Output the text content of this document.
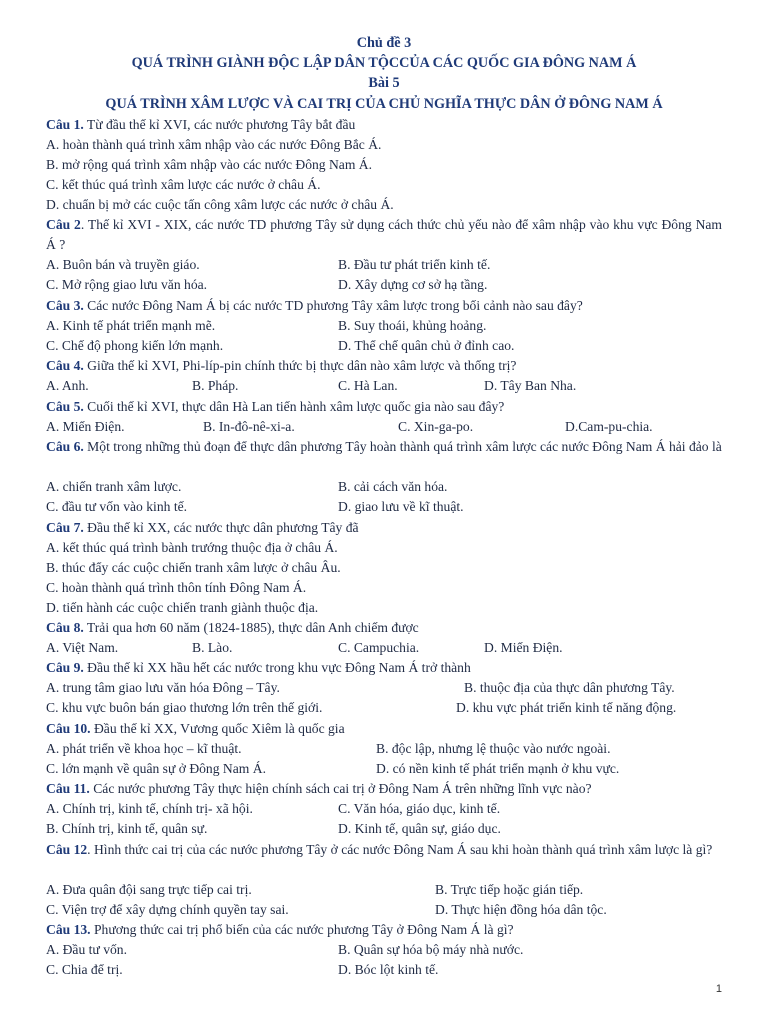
Chủ đề 3
QUÁ TRÌNH GIÀNH ĐỘC LẬP DÂN TỘCCỦA CÁC QUỐC GIA ĐÔNG NAM Á
Bài 5
QUÁ TRÌNH XÂM LƯỢC VÀ CAI TRỊ CỦA CHỦ NGHĨA THỰC DÂN Ở ĐÔNG NAM Á
Câu 1. Từ đầu thế kỉ XVI, các nước phương Tây bắt đầu
A. hoàn thành quá trình xâm nhập vào các nước Đông Bắc Á.
B. mở rộng quá trình xâm nhập vào các nước Đông Nam Á.
C. kết thúc quá trình xâm lược các nước ở châu Á.
D. chuẩn bị mở các cuộc tấn công xâm lược các nước ở châu Á.
Câu 2. Thế kỉ XVI - XIX, các nước TD phương Tây sử dụng cách thức chủ yếu nào để xâm nhập vào khu vực Đông Nam Á ?
A. Buôn bán và truyền giáo.	B. Đầu tư phát triển kinh tế.
C. Mở rộng giao lưu văn hóa.	D. Xây dựng cơ sở hạ tầng.
Câu 3. Các nước Đông Nam Á bị các nước TD phương Tây xâm lược trong bối cảnh nào sau đây?
A. Kinh tế phát triển mạnh mẽ.	B. Suy thoái, khủng hoảng.
C. Chế độ phong kiến lớn mạnh.	D. Thể chế quân chủ ở đỉnh cao.
Câu 4. Giữa thế kỉ XVI, Phi-líp-pin chính thức bị thực dân nào xâm lược và thống trị?
A. Anh.	B. Pháp.	C. Hà Lan.	D. Tây Ban Nha.
Câu 5. Cuối thế kỉ XVI, thực dân Hà Lan tiến hành xâm lược quốc gia nào sau đây?
A. Miến Điện.	B. In-đô-nê-xi-a.	C. Xin-ga-po.	D.Cam-pu-chia.
Câu 6. Một trong những thủ đoạn để thực dân phương Tây hoàn thành quá trình xâm lược các nước Đông Nam Á hải đảo là
A. chiến tranh xâm lược.	B. cải cách văn hóa.
C. đầu tư vốn vào kinh tế.	D. giao lưu về kĩ thuật.
Câu 7. Đầu thế kỉ XX, các nước thực dân phương Tây đã
A. kết thúc quá trình bành trướng thuộc địa ở châu Á.
B. thúc đẩy các cuộc chiến tranh xâm lược ở châu Âu.
C. hoàn thành quá trình thôn tính Đông Nam Á.
D. tiến hành các cuộc chiến tranh giành thuộc địa.
Câu 8. Trải qua hơn 60 năm (1824-1885), thực dân Anh chiếm được
A. Việt Nam.	B. Lào.	C. Campuchia.	D. Miến Điện.
Câu 9. Đầu thế kỉ XX hầu hết các nước trong khu vực Đông Nam Á trở thành
A. trung tâm giao lưu văn hóa Đông – Tây.	B. thuộc địa của thực dân phương Tây.
C. khu vực buôn bán giao thương lớn trên thế giới.	D. khu vực phát triển kinh tế năng động.
Câu 10. Đầu thế kỉ XX, Vương quốc Xiêm là quốc gia
A. phát triển về khoa học – kĩ thuật.	B. độc lập, nhưng lệ thuộc vào nước ngoài.
C. lớn mạnh về quân sự ở Đông Nam Á.	D. có nền kinh tế phát triển mạnh ở khu vực.
Câu 11. Các nước phương Tây thực hiện chính sách cai trị ở Đông Nam Á trên những lĩnh vực nào?
A. Chính trị, kinh tế, chính trị- xã hội.	C. Văn hóa, giáo dục, kinh tế.
B. Chính trị, kinh tế, quân sự.	D. Kinh tế, quân sự, giáo dục.
Câu 12. Hình thức cai trị của các nước phương Tây ở các nước Đông Nam Á sau khi hoàn thành quá trình xâm lược là gì?
A. Đưa quân đội sang trực tiếp cai trị.	B. Trực tiếp hoặc gián tiếp.
C. Viện trợ để xây dựng chính quyền tay sai.	D. Thực hiện đồng hóa dân tộc.
Câu 13. Phương thức cai trị phổ biến của các nước phương Tây ở Đông Nam Á là gì?
A. Đầu tư vốn.	B. Quân sự hóa bộ máy nhà nước.
C. Chia để trị.	D. Bóc lột kinh tế.
1
